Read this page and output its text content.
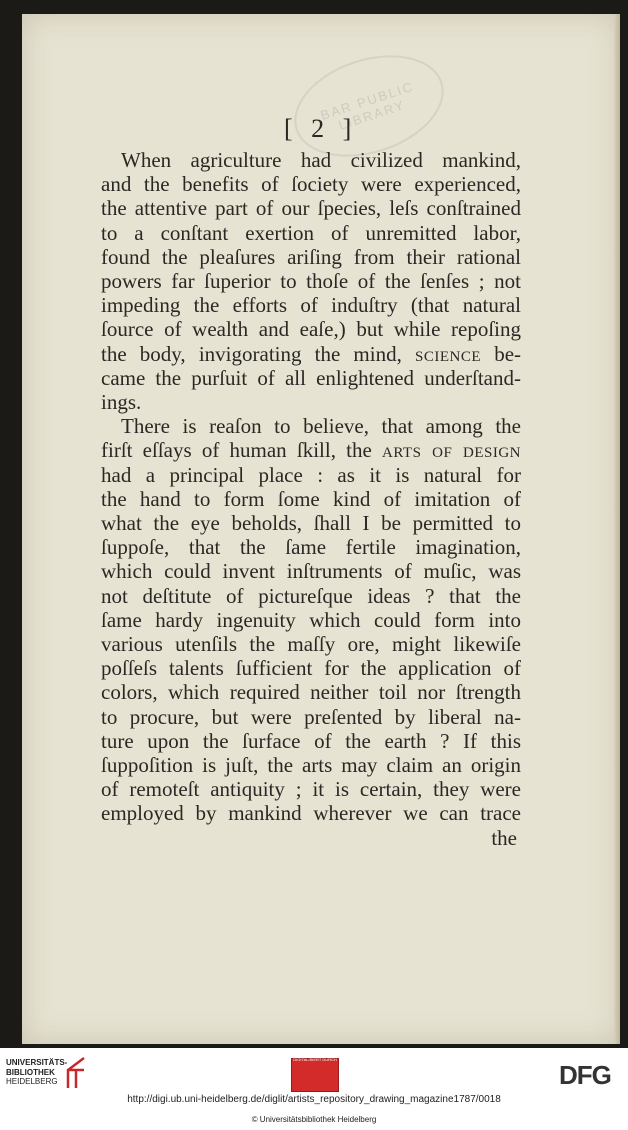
BAR PUBLIC LIBRARY
[ 2 ]

When agriculture had civilized mankind,
and the benefits of ſociety were experienced,
the attentive part of our ſpecies, leſs conſtrained
to a conſtant exertion of unremitted labor,
found the pleaſures ariſing from their rational
powers far ſuperior to thoſe of the ſenſes ; not
impeding the efforts of induſtry (that natural
ſource of wealth and eaſe,) but while repoſing
the body, invigorating the mind, science be-
came the purſuit of all enlightened underſtand-
ings.

There is reaſon to believe, that among the
firſt eſſays of human ſkill, the arts of design
had a principal place : as it is natural for
the hand to form ſome kind of imitation of
what the eye beholds, ſhall I be permitted to
ſuppoſe, that the ſame fertile imagination,
which could invent inſtruments of muſic, was
not deſtitute of pictureſque ideas ? that the
ſame hardy ingenuity which could form into
various utenſils the maſſy ore, might likewiſe
poſſeſs talents ſufficient for the application of
colors, which required neither toil nor ſtrength
to procure, but were preſented by liberal na-
ture upon the ſurface of the earth ? If this
ſuppoſition is juſt, the arts may claim an origin
of remoteſt antiquity ; it is certain, they were
employed by mankind wherever we can trace
the

UNIVERSITÄTS-
BIBLIOTHEK
HEIDELBERG
DIGITALISIERT DURCH
DFG
http://digi.ub.uni-heidelberg.de/diglit/artists_repository_drawing_magazine1787/0018
© Universitätsbibliothek Heidelberg
